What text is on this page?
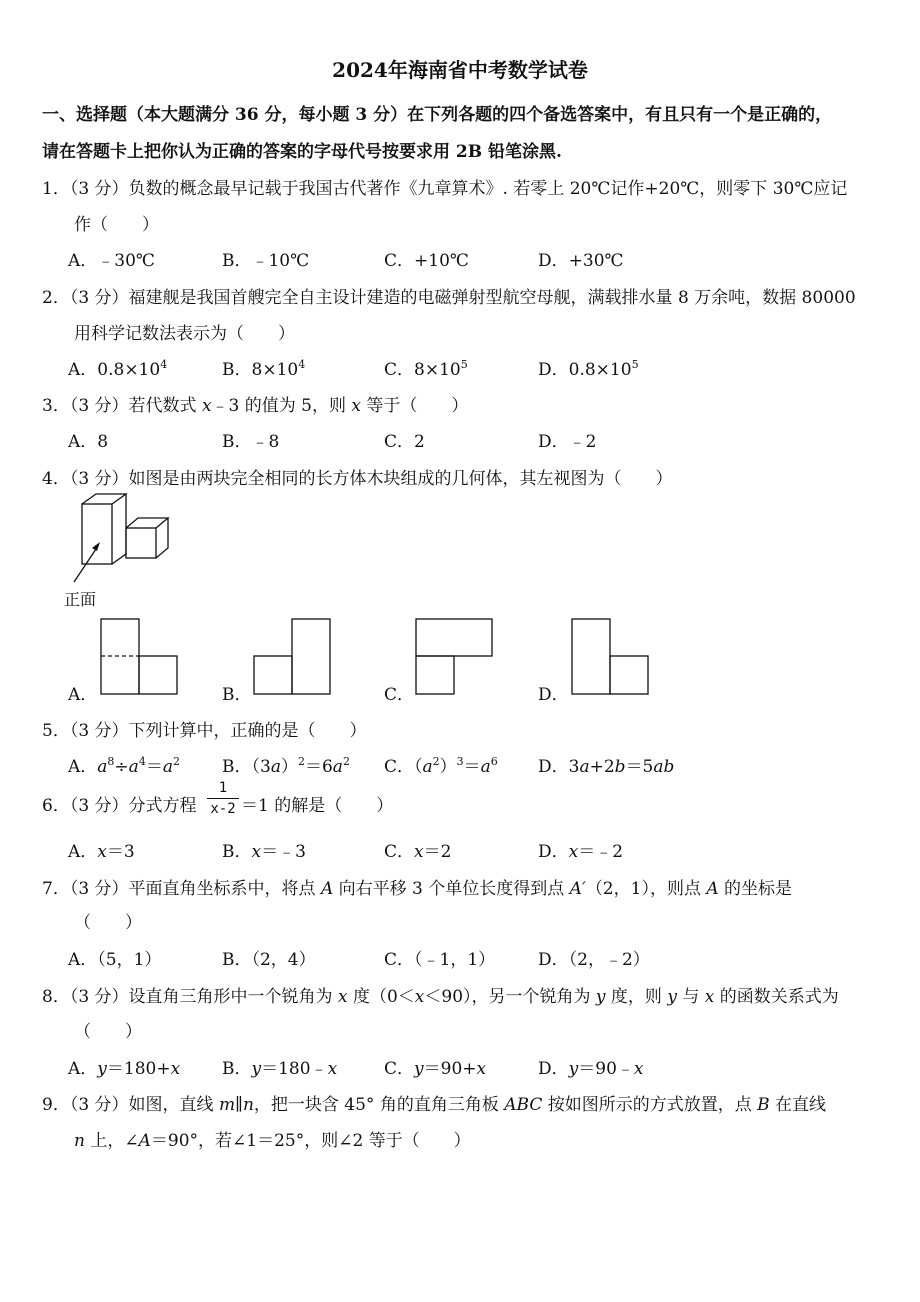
2024年海南省中考数学试卷
一、选择题（本大题满分 36 分，每小题 3 分）在下列各题的四个备选答案中，有且只有一个是正确的，
请在答题卡上把你认为正确的答案的字母代号按要求用 2B 铅笔涂黑.
1．（3 分）负数的概念最早记载于我国古代著作《九章算术》. 若零上 20℃记作+20℃，则零下 30℃应记
作（　　）
A．﹣30℃	B．﹣10℃	C．+10℃	D．+30℃
2．（3 分）福建舰是我国首艘完全自主设计建造的电磁弹射型航空母舰，满载排水量 8 万余吨，数据 80000
用科学记数法表示为（　　）
A．$0.8\times 10^4$	B．$8\times 10^4$	C．$8\times 10^5$	D．$0.8\times 10^5$
3．（3 分）若代数式 x﹣3 的值为 5，则 x 等于（　　）
A．8	B．﹣8	C．2	D．﹣2
4．（3 分）如图是由两块完全相同的长方体木块组成的几何体，其左视图为（　　）
正面
A．	B．	C．	D．
5．（3 分）下列计算中，正确的是（　　）
A．$a^8\div a^4=a^2$ B．$(3a)^2=6a^2$ C．$(a^2)^3=a^6$ D．3a+2b＝5ab
6．（3 分）分式方程
1
x-2 ＝1 的解是（　　）
A．x＝3	B．x＝﹣3	C．x＝2	D．x＝﹣2
7．（3 分）平面直角坐标系中，将点 A 向右平移 3 个单位长度得到点 A′（2，1），则点 A 的坐标是
（　　）
A．（5，1）	B．（2，4）	C．（﹣1，1）	D．（2，﹣2）
8．（3 分）设直角三角形中一个锐角为 x 度（0＜x＜90），另一个锐角为 y 度，则 y 与 x 的函数关系式为
（　　）
A．y＝180+x B．y＝180﹣x	C．y＝90+x	D．y＝90﹣x
9．（3 分）如图，直线 m∥n，把一块含 45° 角的直角三角板 ABC 按如图所示的方式放置，点 B 在直线
n 上，∠A＝90°，若∠1＝25°，则∠2 等于（　　）
